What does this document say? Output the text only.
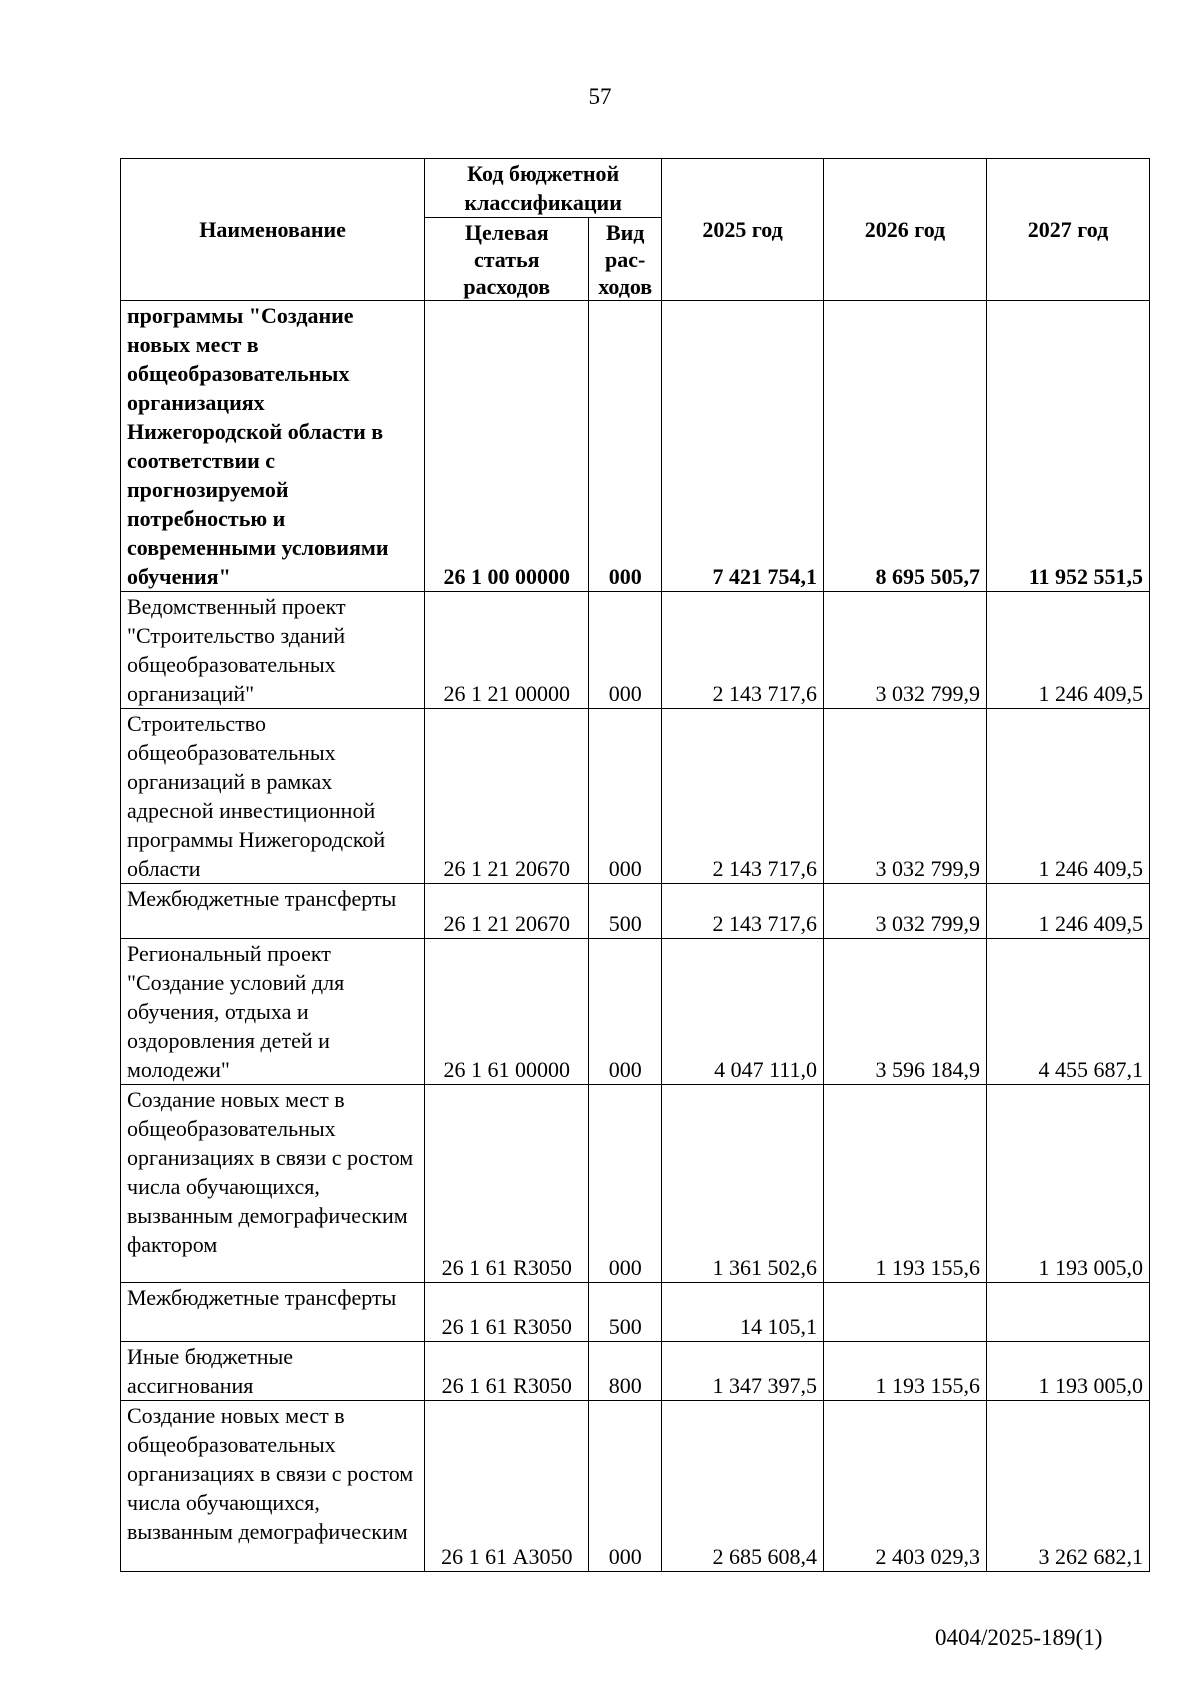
57
Наименование	Код бюджетной классификации		2025 год	2026 год	2027 год
	Целевая статья расходов	Вид рас-ходов			
программы "Создание новых мест в общеобразовательных организациях Нижегородской области в соответствии с прогнозируемой потребностью и современными условиями обучения"	26 1 00 00000	000	7 421 754,1	8 695 505,7	11 952 551,5
Ведомственный проект "Строительство зданий общеобразовательных организаций"	26 1 21 00000	000	2 143 717,6	3 032 799,9	1 246 409,5
Строительство общеобразовательных организаций в рамках адресной инвестиционной программы Нижегородской области	26 1 21 20670	000	2 143 717,6	3 032 799,9	1 246 409,5
Межбюджетные трансферты	26 1 21 20670	500	2 143 717,6	3 032 799,9	1 246 409,5
Региональный проект "Создание условий для обучения, отдыха и оздоровления детей и молодежи"	26 1 61 00000	000	4 047 111,0	3 596 184,9	4 455 687,1
Создание новых мест в общеобразовательных организациях в связи с ростом числа обучающихся, вызванным демографическим фактором	26 1 61 R3050	000	1 361 502,6	1 193 155,6	1 193 005,0
Межбюджетные трансферты	26 1 61 R3050	500	14 105,1		
Иные бюджетные ассигнования	26 1 61 R3050	800	1 347 397,5	1 193 155,6	1 193 005,0
Создание новых мест в общеобразовательных организациях в связи с ростом числа обучающихся, вызванным демографическим	26 1 61 А3050	000	2 685 608,4	2 403 029,3	3 262 682,1
0404/2025-189(1)
